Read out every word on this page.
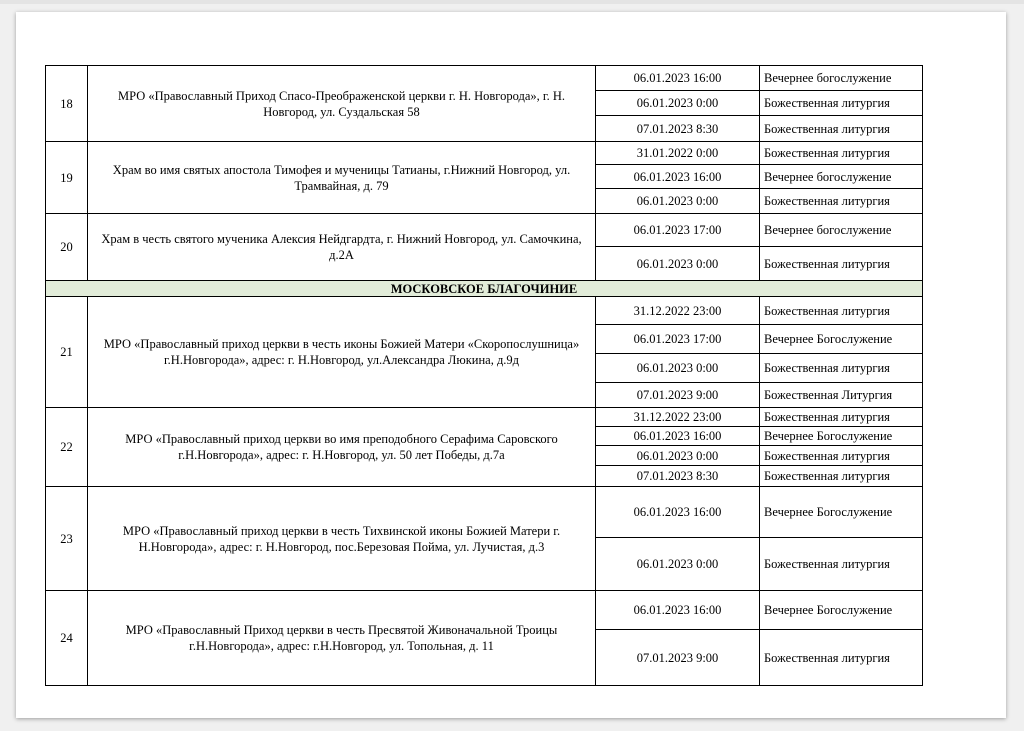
18	МРО «Православный Приход Спасо-Преображенской церкви г. Н. Новгорода», г. Н. Новгород, ул. Суздальская 58	06.01.2023 16:00	Вечернее богослужение
		06.01.2023 0:00	Божественная литургия
		07.01.2023 8:30	Божественная литургия
19	Храм во имя святых апостола Тимофея и мученицы Татианы, г.Нижний Новгород, ул. Трамвайная, д. 79	31.01.2022 0:00	Божественная литургия
		06.01.2023 16:00	Вечернее богослужение
		06.01.2023 0:00	Божественная литургия
20	Храм в честь святого мученика Алексия Нейдгардта, г. Нижний Новгород, ул. Самочкина, д.2А	06.01.2023 17:00	Вечернее богослужение
		06.01.2023 0:00	Божественная литургия
МОСКОВСКОЕ БЛАГОЧИНИЕ			
21	МРО «Православный приход церкви в честь иконы Божией Матери «Скоропослушница» г.Н.Новгорода», адрес: г. Н.Новгород, ул.Александра Люкина, д.9д	31.12.2022 23:00	Божественная литургия
		06.01.2023 17:00	Вечернее Богослужение
		06.01.2023 0:00	Божественная литургия
		07.01.2023 9:00	Божественная Литургия
22	МРО «Православный приход церкви во имя преподобного Серафима Саровского г.Н.Новгорода», адрес: г. Н.Новгород, ул. 50 лет Победы, д.7а	31.12.2022 23:00	Божественная литургия
		06.01.2023 16:00	Вечернее Богослужение
		06.01.2023 0:00	Божественная литургия
		07.01.2023 8:30	Божественная литургия
23	МРО «Православный приход церкви в честь Тихвинской иконы Божией Матери г. Н.Новгорода», адрес: г. Н.Новгород, пос.Березовая Пойма, ул. Лучистая, д.3	06.01.2023 16:00	Вечернее Богослужение
		06.01.2023 0:00	Божественная литургия
24	МРО «Православный Приход церкви в честь Пресвятой Живоначальной Троицы г.Н.Новгорода», адрес: г.Н.Новгород, ул. Топольная, д. 11	06.01.2023 16:00	Вечернее Богослужение
		07.01.2023 9:00	Божественная литургия
